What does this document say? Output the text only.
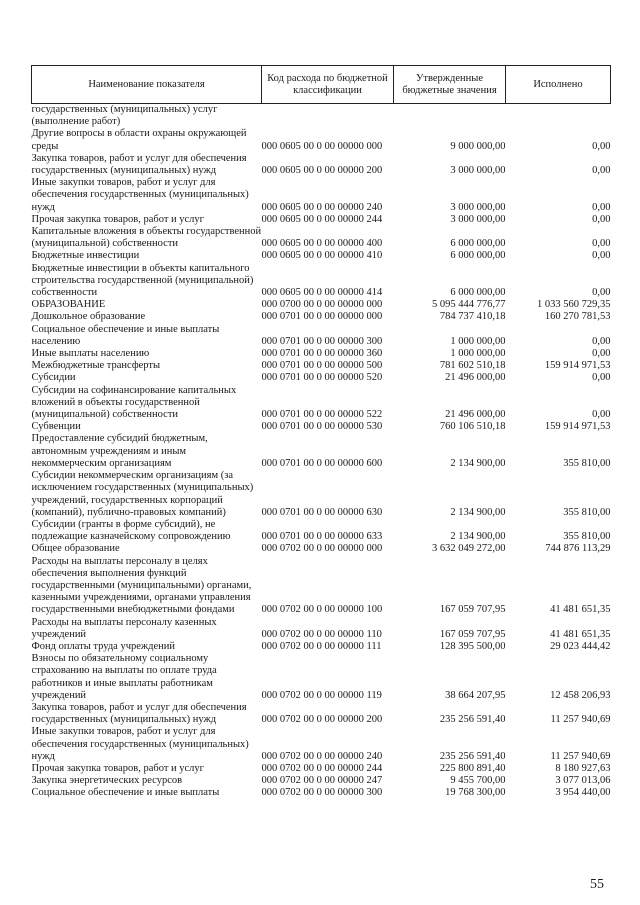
Наименование показателя	Код расхода по бюджетной классификации	Утвержденные бюджетные значения	Исполнено
государственных (муниципальных) услуг (выполнение работ)			
Другие вопросы в области охраны окружающей среды	000 0605 00 0 00 00000 000	9 000 000,00	0,00
Закупка товаров, работ и услуг для обеспечения государственных (муниципальных) нужд	000 0605 00 0 00 00000 200	3 000 000,00	0,00
Иные закупки товаров, работ и услуг для обеспечения государственных (муниципальных) нужд	000 0605 00 0 00 00000 240	3 000 000,00	0,00
Прочая закупка товаров, работ и услуг	000 0605 00 0 00 00000 244	3 000 000,00	0,00
Капитальные вложения в объекты государственной (муниципальной) собственности	000 0605 00 0 00 00000 400	6 000 000,00	0,00
Бюджетные инвестиции	000 0605 00 0 00 00000 410	6 000 000,00	0,00
Бюджетные инвестиции в объекты капитального строительства государственной (муниципальной) собственности	000 0605 00 0 00 00000 414	6 000 000,00	0,00
ОБРАЗОВАНИЕ	000 0700 00 0 00 00000 000	5 095 444 776,77	1 033 560 729,35
Дошкольное образование	000 0701 00 0 00 00000 000	784 737 410,18	160 270 781,53
Социальное обеспечение и иные выплаты населению	000 0701 00 0 00 00000 300	1 000 000,00	0,00
Иные выплаты населению	000 0701 00 0 00 00000 360	1 000 000,00	0,00
Межбюджетные трансферты	000 0701 00 0 00 00000 500	781 602 510,18	159 914 971,53
Субсидии	000 0701 00 0 00 00000 520	21 496 000,00	0,00
Субсидии на софинансирование капитальных вложений в объекты государственной (муниципальной) собственности	000 0701 00 0 00 00000 522	21 496 000,00	0,00
Субвенции	000 0701 00 0 00 00000 530	760 106 510,18	159 914 971,53
Предоставление субсидий бюджетным, автономным учреждениям и иным некоммерческим организациям	000 0701 00 0 00 00000 600	2 134 900,00	355 810,00
Субсидии некоммерческим организациям (за исключением государственных (муниципальных) учреждений, государственных корпораций (компаний), публично-правовых компаний)	000 0701 00 0 00 00000 630	2 134 900,00	355 810,00
Субсидии (гранты в форме субсидий), не подлежащие казначейскому сопровождению	000 0701 00 0 00 00000 633	2 134 900,00	355 810,00
Общее образование	000 0702 00 0 00 00000 000	3 632 049 272,00	744 876 113,29
Расходы на выплаты персоналу в целях обеспечения выполнения функций государственными (муниципальными) органами, казенными учреждениями, органами управления государственными внебюджетными фондами	000 0702 00 0 00 00000 100	167 059 707,95	41 481 651,35
Расходы на выплаты персоналу казенных учреждений	000 0702 00 0 00 00000 110	167 059 707,95	41 481 651,35
Фонд оплаты труда учреждений	000 0702 00 0 00 00000 111	128 395 500,00	29 023 444,42
Взносы по обязательному социальному страхованию на выплаты по оплате труда работников и иные выплаты работникам учреждений	000 0702 00 0 00 00000 119	38 664 207,95	12 458 206,93
Закупка товаров, работ и услуг для обеспечения государственных (муниципальных) нужд	000 0702 00 0 00 00000 200	235 256 591,40	11 257 940,69
Иные закупки товаров, работ и услуг для обеспечения государственных (муниципальных) нужд	000 0702 00 0 00 00000 240	235 256 591,40	11 257 940,69
Прочая закупка товаров, работ и услуг	000 0702 00 0 00 00000 244	225 800 891,40	8 180 927,63
Закупка энергетических ресурсов	000 0702 00 0 00 00000 247	9 455 700,00	3 077 013,06
Социальное обеспечение и иные выплаты	000 0702 00 0 00 00000 300	19 768 300,00	3 954 440,00
55
